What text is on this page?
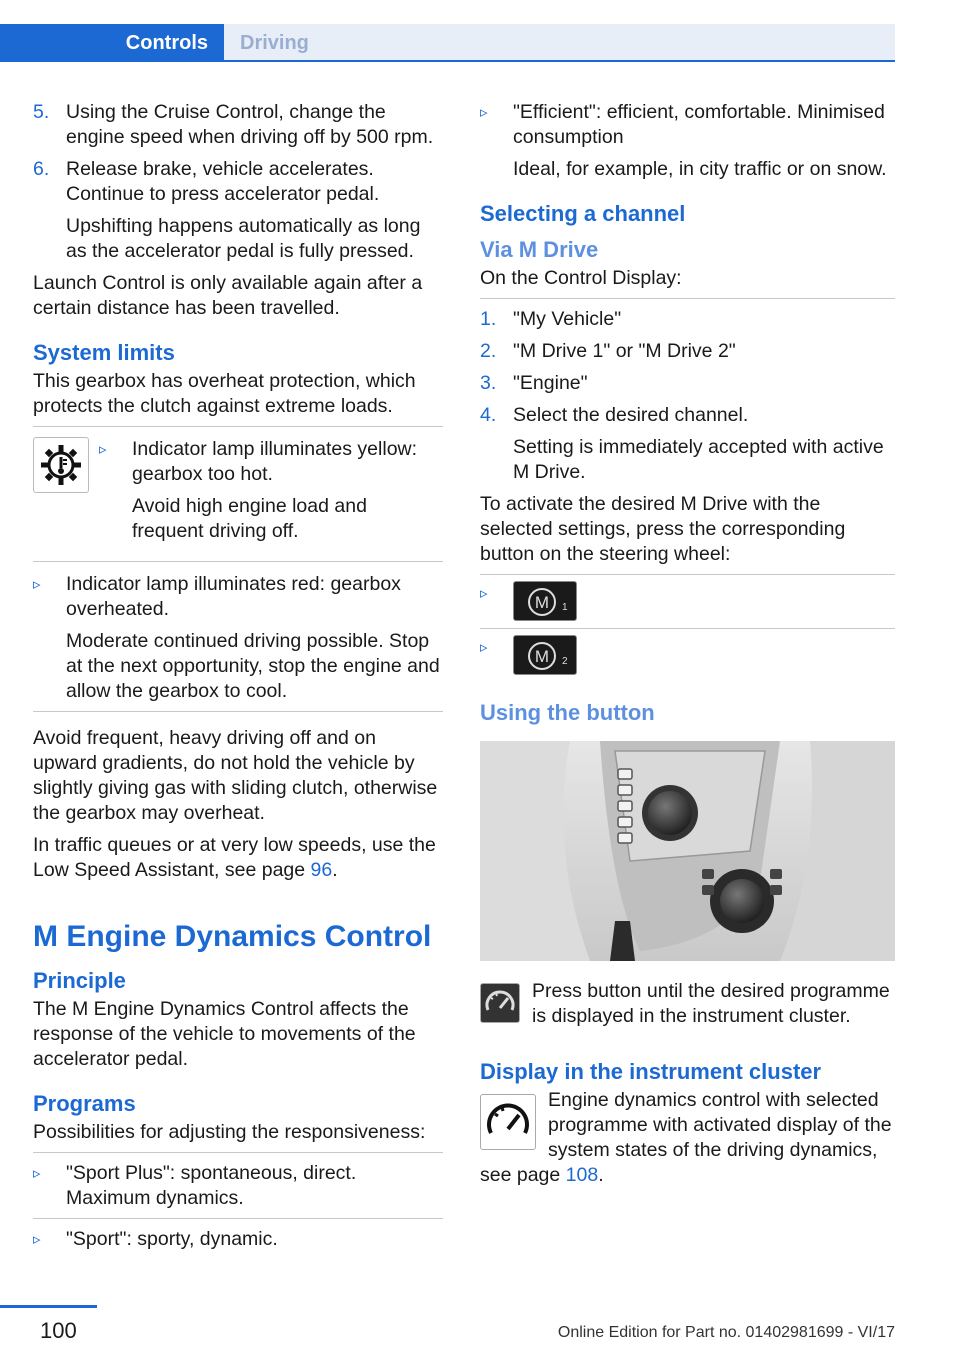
Controls	Driving
5. Using the Cruise Control, change the engine speed when driving off by 500 rpm.

6. Release brake, vehicle accelerates. Continue to press accelerator pedal.

Upshifting happens automatically as long as the accelerator pedal is fully pressed.

Launch Control is only available again after a certain distance has been travelled.

System limits

This gearbox has overheat protection, which protects the clutch against extreme loads.

▹	Indicator lamp illuminates yellow: gearbox too hot.

Avoid high engine load and frequent driving off.

▹	Indicator lamp illuminates red: gearbox overheated.

Moderate continued driving possible. Stop at the next opportunity, stop the engine and allow the gearbox to cool.

Avoid frequent, heavy driving off and on upward gradients, do not hold the vehicle by slightly giving gas with sliding clutch, otherwise the gearbox may overheat.

In traffic queues or at very low speeds, use the Low Speed Assistant, see page 96.

M Engine Dynamics Control
Principle

The M Engine Dynamics Control affects the response of the vehicle to movements of the accelerator pedal.

Programs

Possibilities for adjusting the responsiveness:

▹	"Sport Plus": spontaneous, direct. Maximum dynamics.

▹	"Sport": sporty, dynamic.

▹	"Efficient": efficient, comfortable. Minimised consumption

Ideal, for example, in city traffic or on snow.

Selecting a channel
Via M Drive

On the Control Display:

1. "My Vehicle"

2. "M Drive 1" or "M Drive 2"

3. "Engine"

4. Select the desired channel.

Setting is immediately accepted with active M Drive.

To activate the desired M Drive with the selected settings, press the corresponding button on the steering wheel:

▹	M 1
▹	M 2
Using the button

Press button until the desired programme is displayed in the instrument cluster.

Display in the instrument cluster

Engine dynamics control with selected programme with activated display of the system states of the driving dynamics, see page 108.

100	Online Edition for Part no. 01402981699 - VI/17
